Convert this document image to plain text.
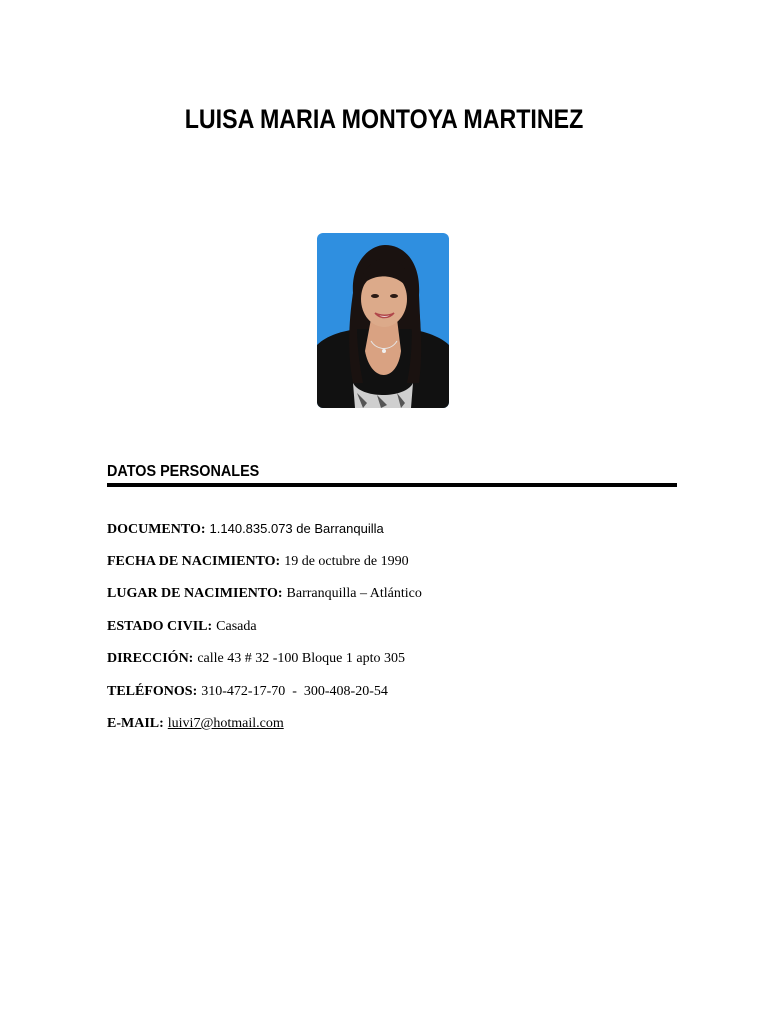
LUISA MARIA MONTOYA MARTINEZ
DATOS PERSONALES
DOCUMENTO: 1.140.835.073 de Barranquilla
FECHA DE NACIMIENTO: 19 de octubre de 1990
LUGAR DE NACIMIENTO: Barranquilla – Atlántico
ESTADO CIVIL: Casada
DIRECCIÓN: calle 43 # 32 -100 Bloque 1 apto 305
TELÉFONOS: 310-472-17-70  -  300-408-20-54
E-MAIL: luivi7@hotmail.com
